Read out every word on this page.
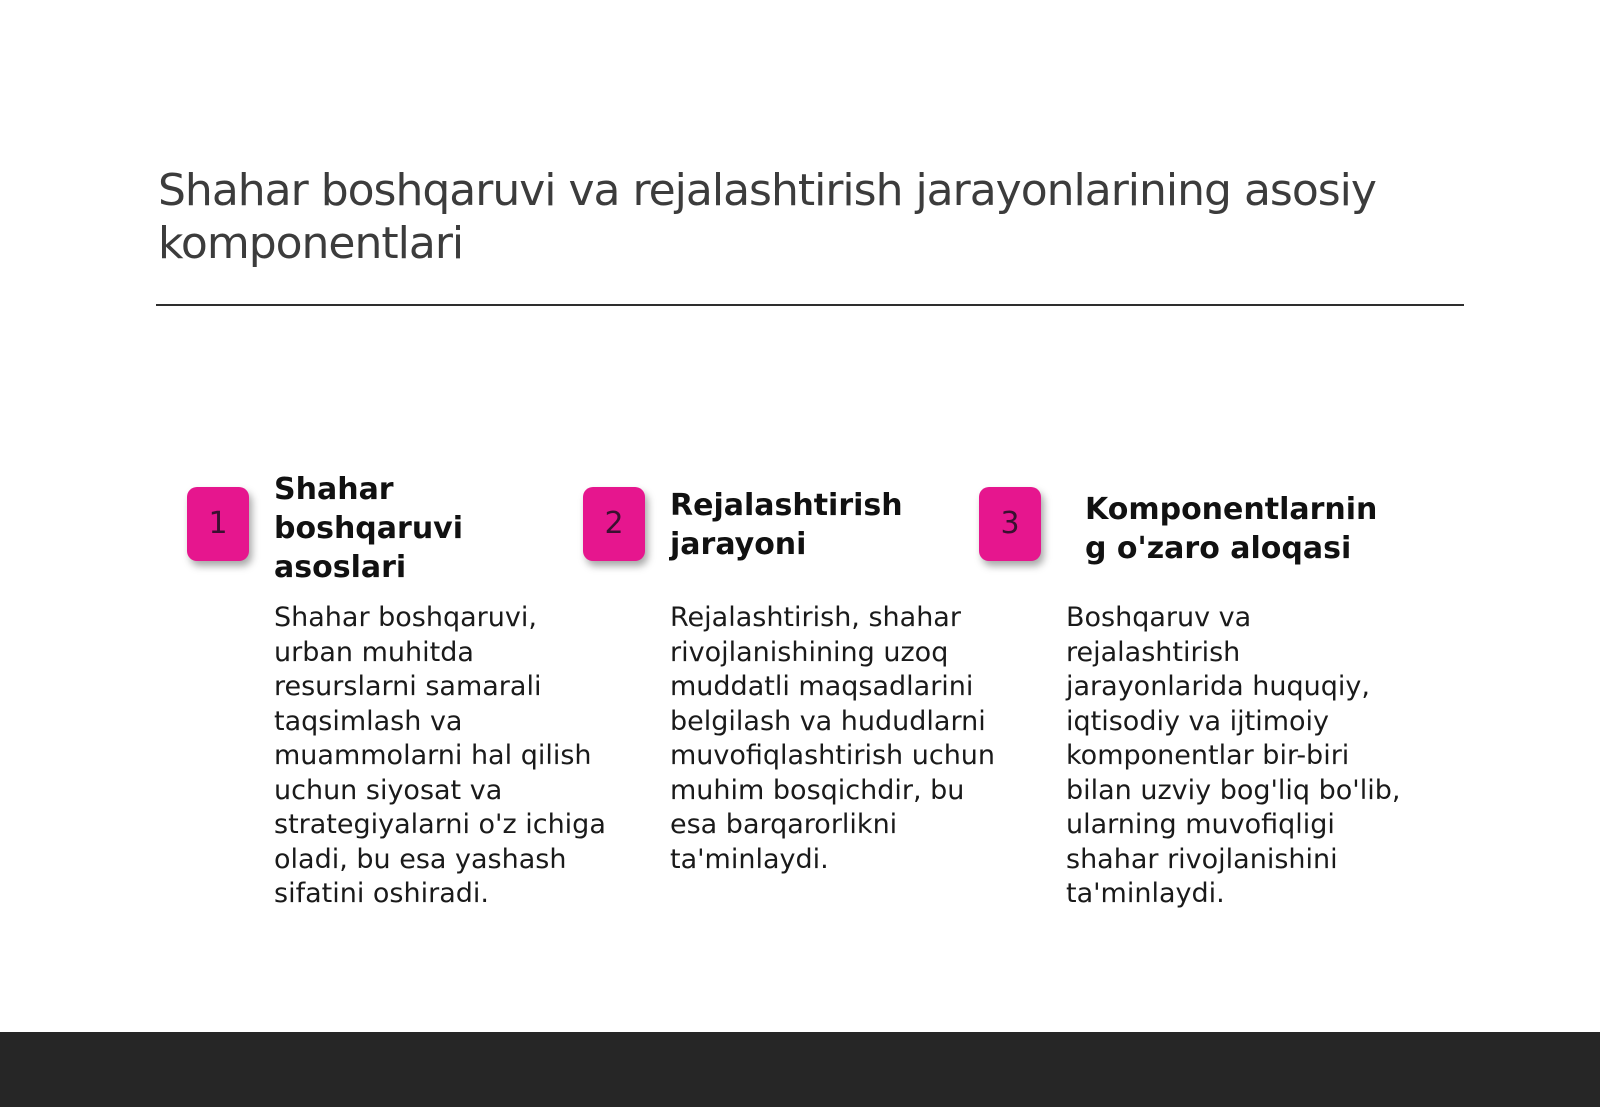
Shahar boshqaruvi va rejalashtirish jarayonlarining asosiy komponentlari
1
Shahar boshqaruvi asoslari

Shahar boshqaruvi, urban muhitda resurslarni samarali taqsimlash va muammolarni hal qilish uchun siyosat va strategiyalarni o'z ichiga oladi, bu esa yashash sifatini oshiradi.

2
Rejalashtirish jarayoni

Rejalashtirish, shahar rivojlanishining uzoq muddatli maqsadlarini belgilash va hududlarni muvofiqlashtirish uchun muhim bosqichdir, bu esa barqarorlikni ta'minlaydi.

3	Komponentlarning o'zaro aloqasi

Boshqaruv va rejalashtirish jarayonlarida huquqiy, iqtisodiy va ijtimoiy komponentlar bir-biri bilan uzviy bog'liq bo'lib, ularning muvofiqligi shahar rivojlanishini ta'minlaydi.
